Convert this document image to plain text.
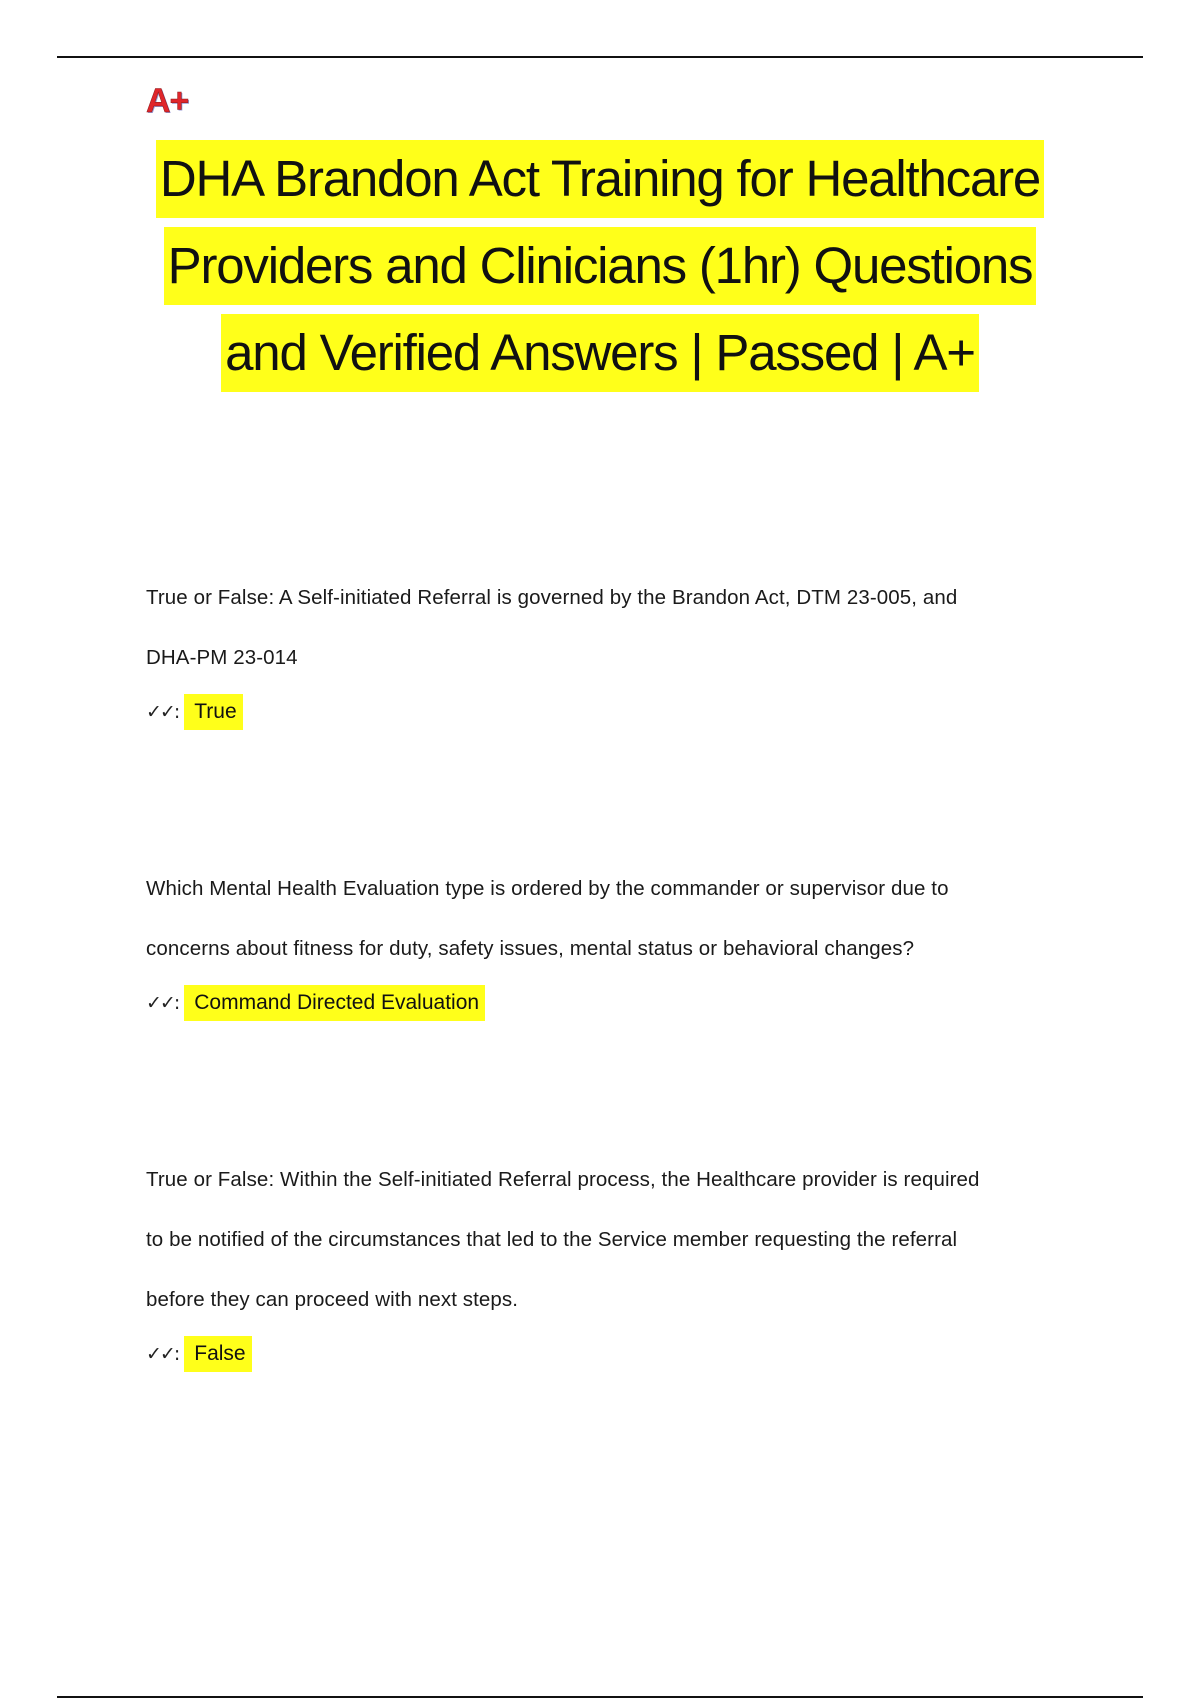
A+
DHA Brandon Act Training for Healthcare
Providers and Clinicians (1hr) Questions
and Verified Answers | Passed | A+
True or False: A Self-initiated Referral is governed by the Brandon Act, DTM 23-005, and
DHA-PM 23-014
✓✓: True
Which Mental Health Evaluation type is ordered by the commander or supervisor due to
concerns about fitness for duty, safety issues, mental status or behavioral changes?
✓✓: Command Directed Evaluation
True or False: Within the Self-initiated Referral process, the Healthcare provider is required
to be notified of the circumstances that led to the Service member requesting the referral
before they can proceed with next steps.
✓✓: False
